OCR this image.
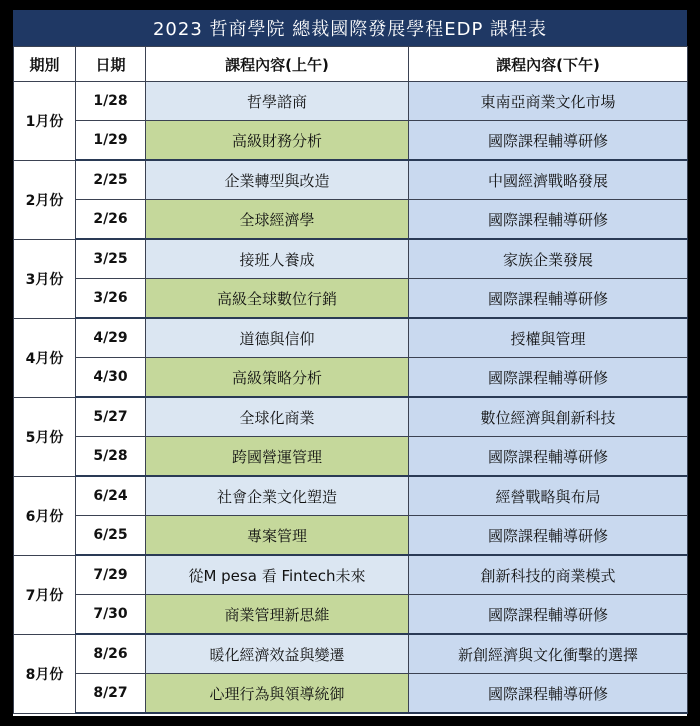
2023 哲商學院 總裁國際發展學程EDP 課程表
期別	日期	課程內容(上午)	課程內容(下午)
1月份	1/28	哲學諮商	東南亞商業文化市場
	1/29	高級財務分析	國際課程輔導研修
2月份	2/25	企業轉型與改造	中國經濟戰略發展
	2/26	全球經濟學	國際課程輔導研修
3月份	3/25	接班人養成	家族企業發展
	3/26	高級全球數位行銷	國際課程輔導研修
4月份	4/29	道德與信仰	授權與管理
	4/30	高級策略分析	國際課程輔導研修
5月份	5/27	全球化商業	數位經濟與創新科技
	5/28	跨國營運管理	國際課程輔導研修
6月份	6/24	社會企業文化塑造	經營戰略與布局
	6/25	專案管理	國際課程輔導研修
7月份	7/29	從M pesa 看 Fintech未來	創新科技的商業模式
	7/30	商業管理新思維	國際課程輔導研修
8月份	8/26	暖化經濟效益與變遷	新創經濟與文化衝擊的選擇
	8/27	心理行為與領導統御	國際課程輔導研修
